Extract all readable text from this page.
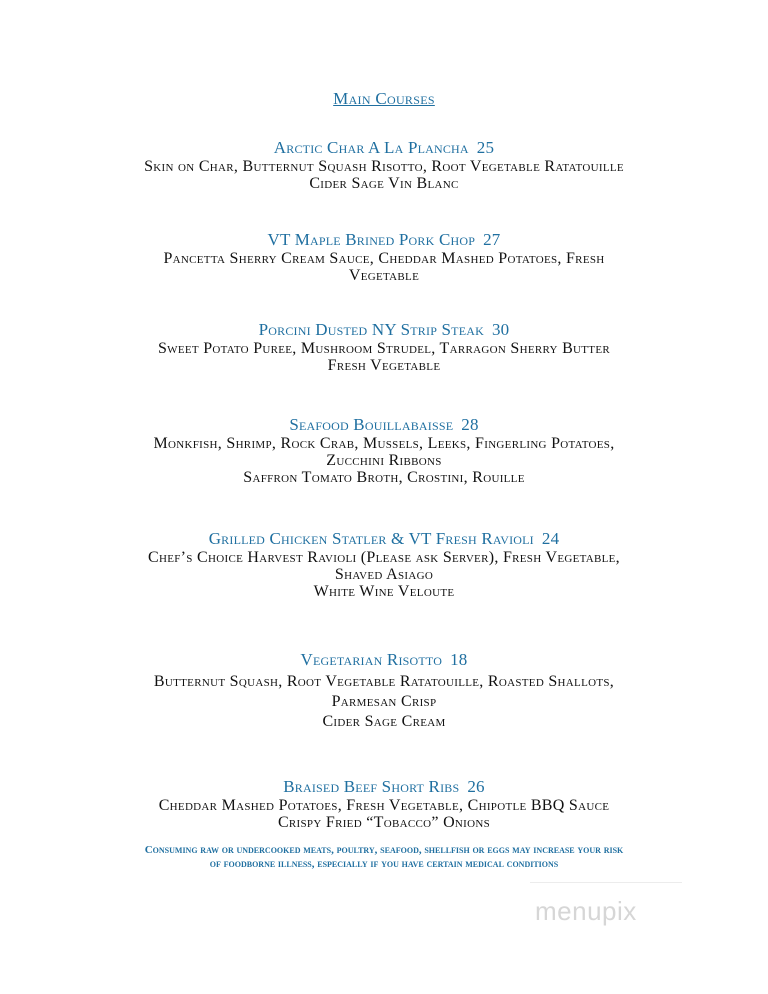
Main Courses
Arctic Char A La Plancha 25
Skin on Char, Butternut Squash Risotto, Root Vegetable Ratatouille
Cider Sage Vin Blanc
VT Maple Brined Pork Chop 27
Pancetta Sherry Cream Sauce, Cheddar Mashed Potatoes, Fresh
Vegetable
Porcini Dusted NY Strip Steak 30
Sweet Potato Puree, Mushroom Strudel, Tarragon Sherry Butter
Fresh Vegetable
Seafood Bouillabaisse 28
Monkfish, Shrimp, Rock Crab, Mussels, Leeks, Fingerling Potatoes,
Zucchini Ribbons
Saffron Tomato Broth, Crostini, Rouille
Grilled Chicken Statler & VT Fresh Ravioli 24
Chef’s Choice Harvest Ravioli (Please ask Server), Fresh Vegetable,
Shaved Asiago
White Wine Veloute
Vegetarian Risotto 18
Butternut Squash, Root Vegetable Ratatouille, Roasted Shallots,
Parmesan Crisp
Cider Sage Cream
Braised Beef Short Ribs 26
Cheddar Mashed Potatoes, Fresh Vegetable, Chipotle BBQ Sauce
Crispy Fried “Tobacco” Onions
Consuming raw or undercooked meats, poultry, seafood, shellfish or eggs may increase your risk
of foodborne illness, especially if you have certain medical conditions
menupix
